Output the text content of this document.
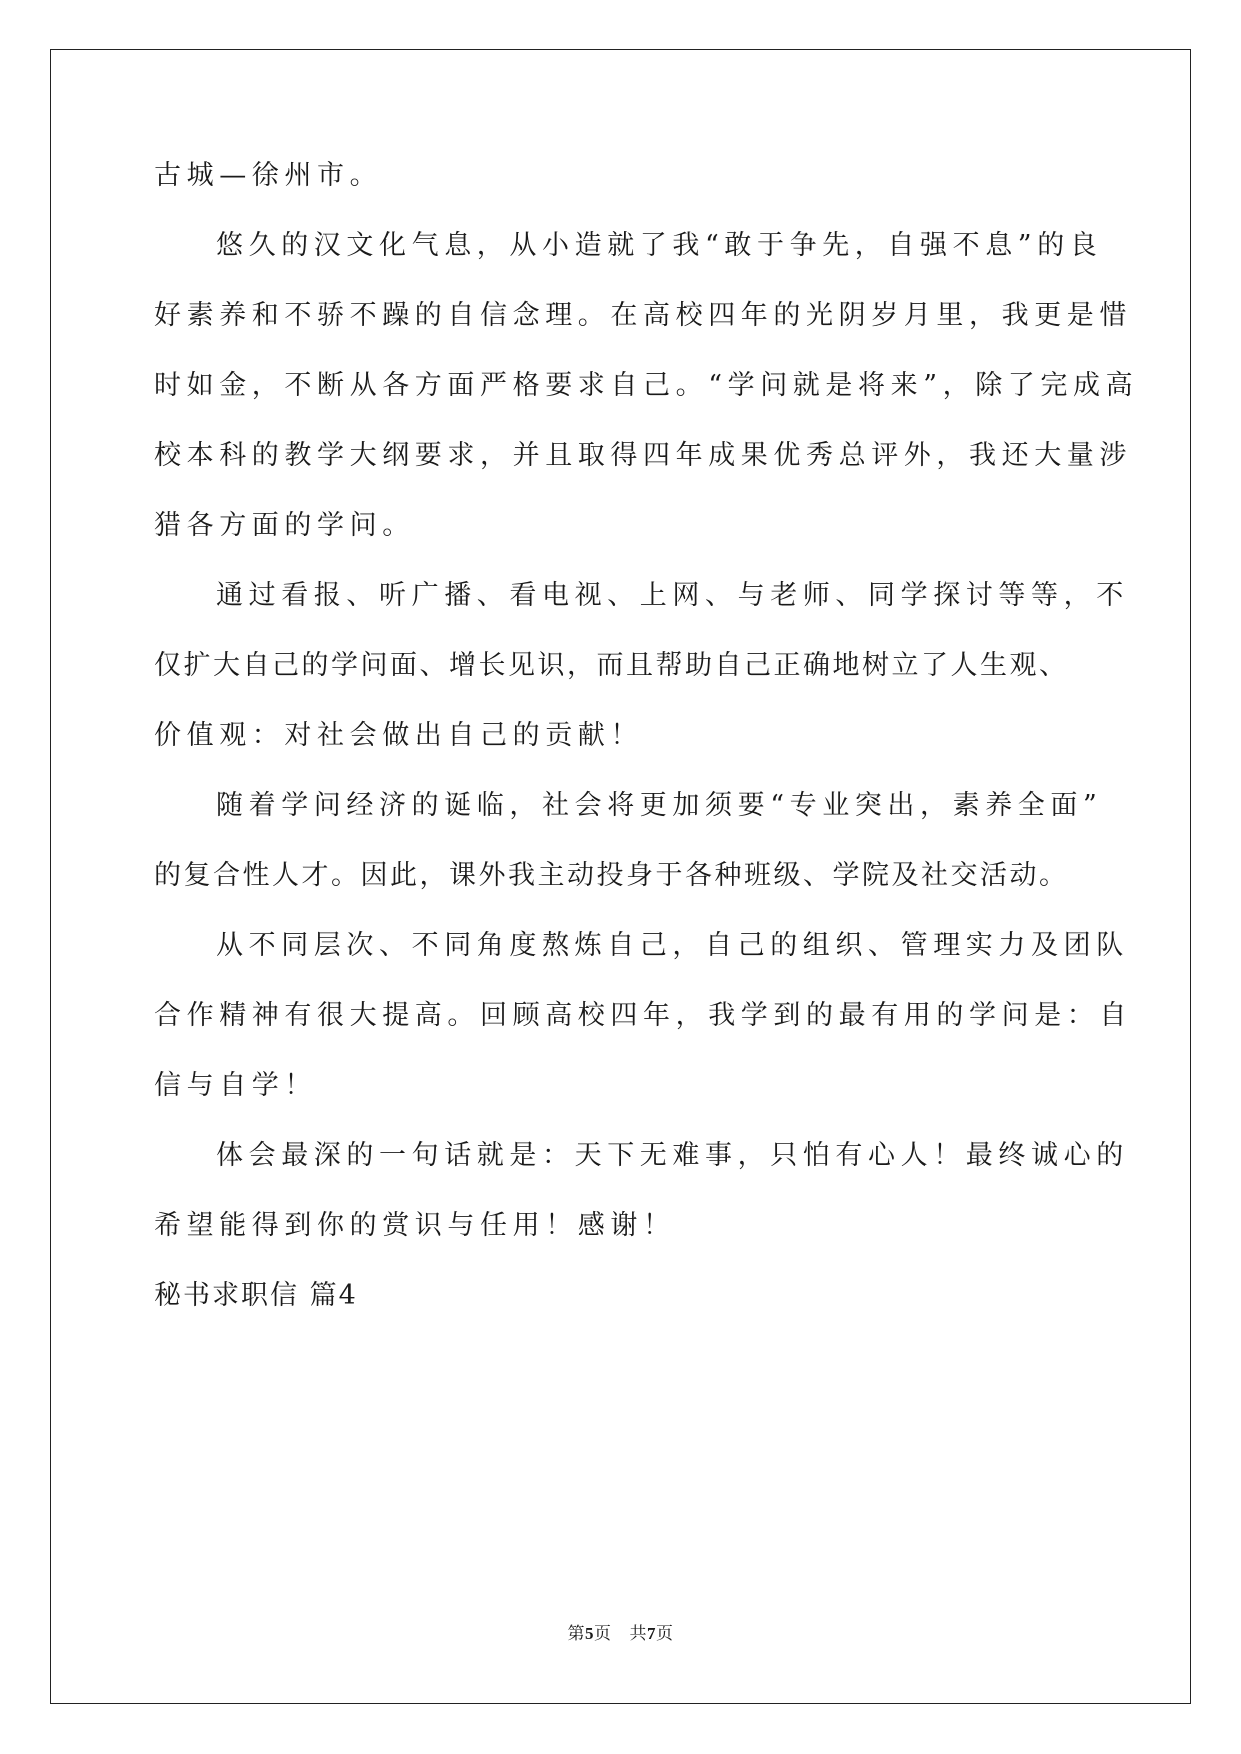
古城—徐州市。
悠久的汉文化气息，从小造就了我“敢于争先，自强不息”的良
好素养和不骄不躁的自信念理。在高校四年的光阴岁月里，我更是惜
时如金，不断从各方面严格要求自己。“学问就是将来”，除了完成高
校本科的教学大纲要求，并且取得四年成果优秀总评外，我还大量涉
猎各方面的学问。
通过看报、听广播、看电视、上网、与老师、同学探讨等等，不
仅扩大自己的学问面、增长见识，而且帮助自己正确地树立了人生观、
价值观：对社会做出自己的贡献！
随着学问经济的诞临，社会将更加须要“专业突出，素养全面”
的复合性人才。因此，课外我主动投身于各种班级、学院及社交活动。
从不同层次、不同角度熬炼自己，自己的组织、管理实力及团队
合作精神有很大提高。回顾高校四年，我学到的最有用的学问是：自
信与自学！
体会最深的一句话就是：天下无难事，只怕有心人！最终诚心的
希望能得到你的赏识与任用！感谢！
秘书求职信 篇4
第5页 共7页
